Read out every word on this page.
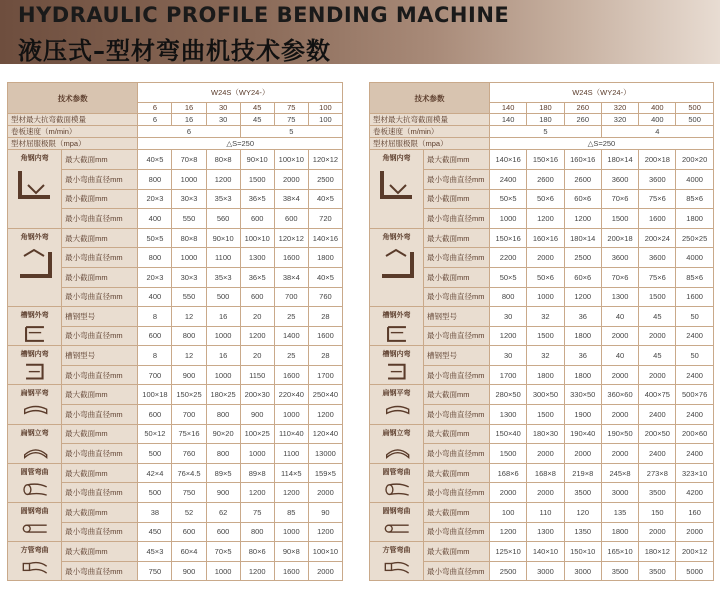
HYDRAULIC PROFILE BENDING MACHINE
液压式–型材弯曲机技术参数
技术参数		W24S（WY24-）					
		6	16	30	45	75	100
型材最大抗弯截面模量		6	16	30	45	75	100
卷板速度（m/min）		6			5		
型材屈服极限（mpa）		△S=250					

角钢内弯	最大截面mm	40×5	70×8	80×8	90×10	100×10	120×12
	最小弯曲直径mm	800	1000	1200	1500	2000	2500
	最小截面mm	20×3	30×3	35×3	36×5	38×4	40×5
	最小弯曲直径mm	400	550	560	600	600	720

角钢外弯	最大截面mm	50×5	80×8	90×10	100×10	120×12	140×16
	最小弯曲直径mm	800	1000	1100	1300	1600	1800
	最小截面mm	20×3	30×3	35×3	36×5	38×4	40×5
	最小弯曲直径mm	400	550	500	600	700	760

槽钢外弯	槽钢型号	8	12	16	20	25	28
	最小弯曲直径mm	600	800	1000	1200	1400	1600

槽钢内弯	槽钢型号	8	12	16	20	25	28
	最小弯曲直径mm	700	900	1000	1150	1600	1700

扁钢平弯	最大截面mm	100×18	150×25	180×25	200×30	220×40	250×40
	最小弯曲直径mm	600	700	800	900	1000	1200

扁钢立弯	最大截面mm	50×12	75×16	90×20	100×25	110×40	120×40
	最小弯曲直径mm	500	760	800	1000	1100	13000

圆管弯曲	最大截面mm	42×4	76×4.5	89×5	89×8	114×5	159×5
	最小弯曲直径mm	500	750	900	1200	1200	2000

圆钢弯曲	最大截面mm	38	52	62	75	85	90
	最小弯曲直径mm	450	600	600	800	1000	1200

方管弯曲	最大截面mm	45×3	60×4	70×5	80×6	90×8	100×10
	最小弯曲直径mm	750	900	1000	1200	1600	2000
技术参数		W24S（WY24-）					
		140	180	260	320	400	500
型材最大抗弯截面模量		140	180	260	320	400	500
卷板速度（m/min）		5			4		
型材屈服极限（mpa）		△S=250					

角钢内弯	最大截面mm	140×16	150×16	160×16	180×14	200×18	200×20
	最小弯曲直径mm	2400	2600	2600	3600	3600	4000
	最小截面mm	50×5	50×6	60×6	70×6	75×6	85×6
	最小弯曲直径mm	1000	1200	1200	1500	1600	1800

角钢外弯	最大截面mm	150×16	160×16	180×14	200×18	200×24	250×25
	最小弯曲直径mm	2200	2000	2500	3600	3600	4000
	最小截面mm	50×5	50×6	60×6	70×6	75×6	85×6
	最小弯曲直径mm	800	1000	1200	1300	1500	1600

槽钢外弯	槽钢型号	30	32	36	40	45	50
	最小弯曲直径mm	1200	1500	1800	2000	2000	2400

槽钢内弯	槽钢型号	30	32	36	40	45	50
	最小弯曲直径mm	1700	1800	1800	2000	2000	2400

扁钢平弯	最大截面mm	280×50	300×50	330×50	360×60	400×75	500×76
	最小弯曲直径mm	1300	1500	1900	2000	2400	2400

扁钢立弯	最大截面mm	150×40	180×30	190×40	190×50	200×50	200×60
	最小弯曲直径mm	1500	2000	2000	2000	2400	2400

圆管弯曲	最大截面mm	168×6	168×8	219×8	245×8	273×8	323×10
	最小弯曲直径mm	2000	2000	3500	3000	3500	4200

圆钢弯曲	最大截面mm	100	110	120	135	150	160
	最小弯曲直径mm	1200	1300	1350	1800	2000	2000

方管弯曲	最大截面mm	125×10	140×10	150×10	165×10	180×12	200×12
	最小弯曲直径mm	2500	3000	3000	3500	3500	5000
